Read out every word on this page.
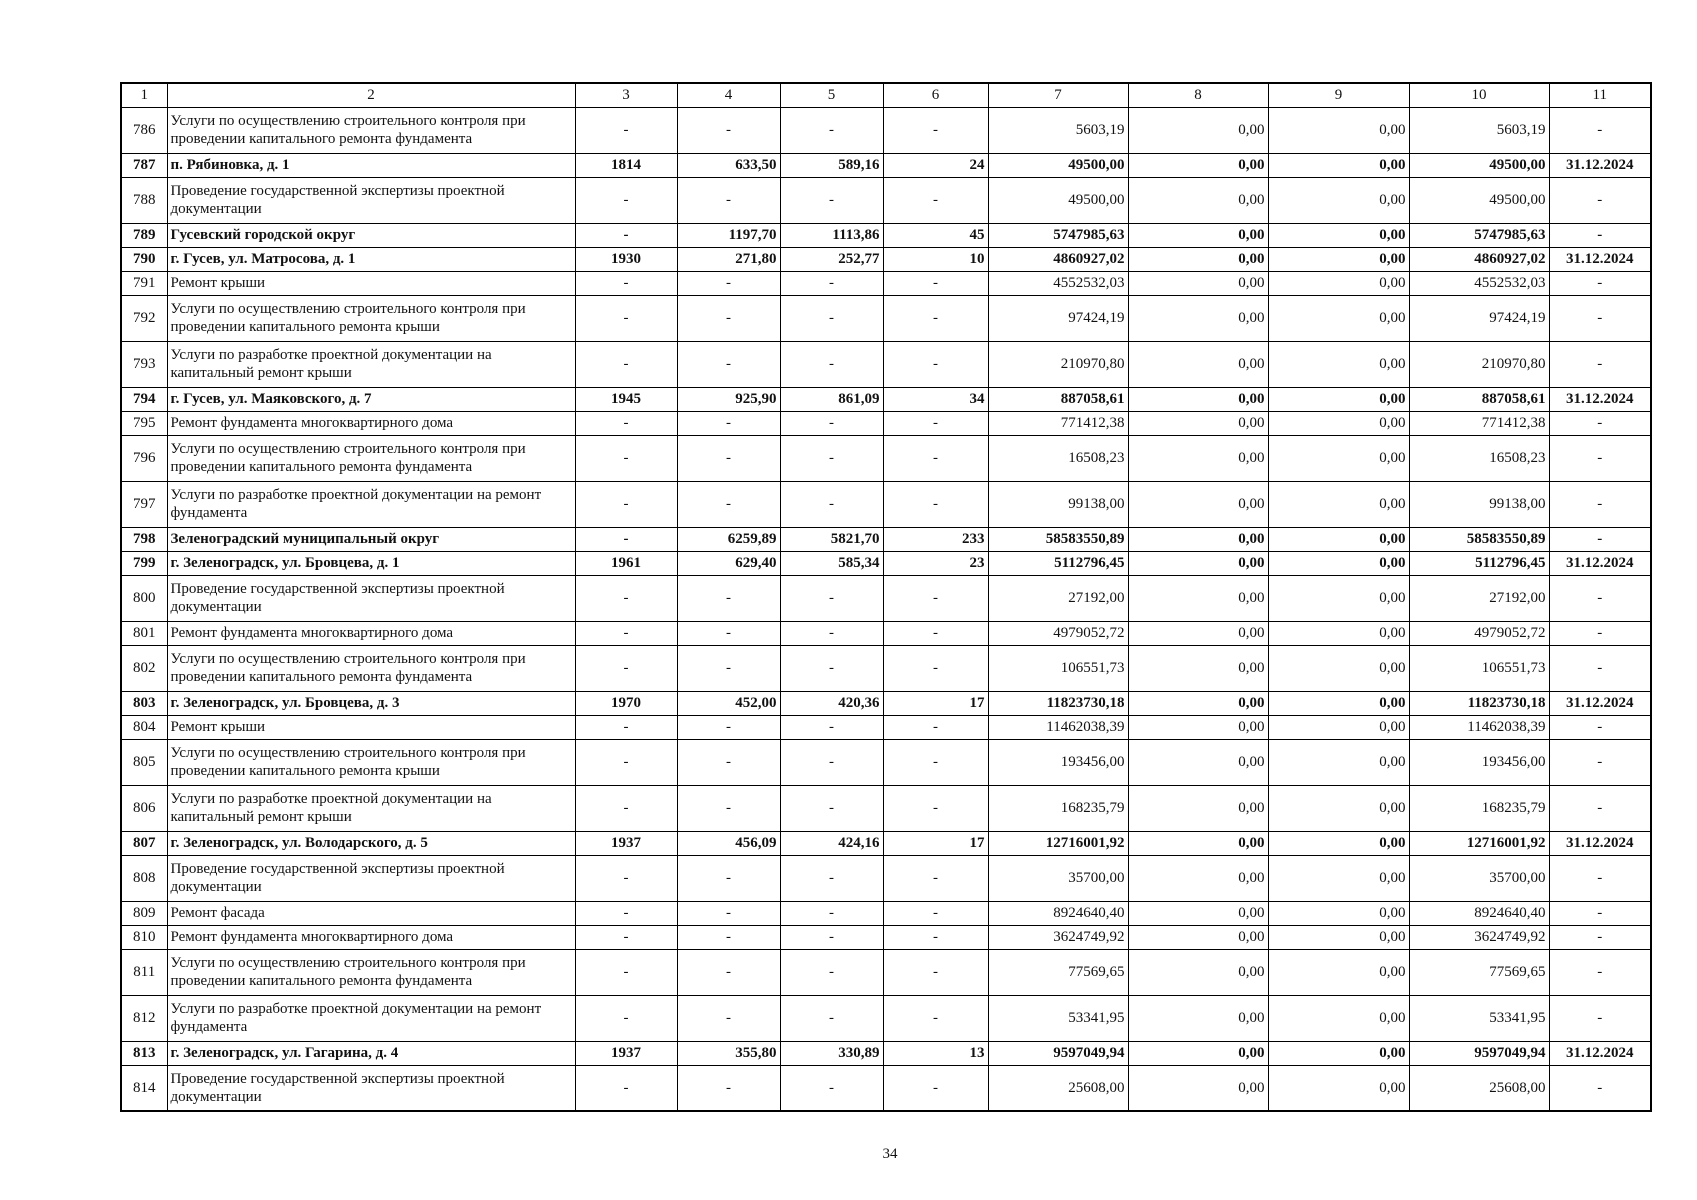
1	2	3	4	5	6	7	8	9	10	11
786	Услуги по осуществлению строительного контроля при
проведении капитального ремонта фундамента	-	-	-	-	5603,19	0,00	0,00	5603,19	-
787	п. Рябиновка, д. 1	1814	633,50	589,16	24	49500,00	0,00	0,00	49500,00	31.12.2024
788	Проведение государственной экспертизы проектной
документации	-	-	-	-	49500,00	0,00	0,00	49500,00	-
789	Гусевский городской округ	-	1197,70	1113,86	45	5747985,63	0,00	0,00	5747985,63	-
790	г. Гусев, ул. Матросова, д. 1	1930	271,80	252,77	10	4860927,02	0,00	0,00	4860927,02	31.12.2024
791	Ремонт крыши	-	-	-	-	4552532,03	0,00	0,00	4552532,03	-
792	Услуги по осуществлению строительного контроля при
проведении капитального ремонта крыши	-	-	-	-	97424,19	0,00	0,00	97424,19	-
793	Услуги по разработке проектной документации на
капитальный ремонт крыши	-	-	-	-	210970,80	0,00	0,00	210970,80	-
794	г. Гусев, ул. Маяковского, д. 7	1945	925,90	861,09	34	887058,61	0,00	0,00	887058,61	31.12.2024
795	Ремонт фундамента многоквартирного дома	-	-	-	-	771412,38	0,00	0,00	771412,38	-
796	Услуги по осуществлению строительного контроля при
проведении капитального ремонта фундамента	-	-	-	-	16508,23	0,00	0,00	16508,23	-
797	Услуги по разработке проектной документации на ремонт
фундамента	-	-	-	-	99138,00	0,00	0,00	99138,00	-
798	Зеленоградский муниципальный округ	-	6259,89	5821,70	233	58583550,89	0,00	0,00	58583550,89	-
799	г. Зеленоградск, ул. Бровцева, д. 1	1961	629,40	585,34	23	5112796,45	0,00	0,00	5112796,45	31.12.2024
800	Проведение государственной экспертизы проектной
документации	-	-	-	-	27192,00	0,00	0,00	27192,00	-
801	Ремонт фундамента многоквартирного дома	-	-	-	-	4979052,72	0,00	0,00	4979052,72	-
802	Услуги по осуществлению строительного контроля при
проведении капитального ремонта фундамента	-	-	-	-	106551,73	0,00	0,00	106551,73	-
803	г. Зеленоградск, ул. Бровцева, д. 3	1970	452,00	420,36	17	11823730,18	0,00	0,00	11823730,18	31.12.2024
804	Ремонт крыши	-	-	-	-	11462038,39	0,00	0,00	11462038,39	-
805	Услуги по осуществлению строительного контроля при
проведении капитального ремонта крыши	-	-	-	-	193456,00	0,00	0,00	193456,00	-
806	Услуги по разработке проектной документации на
капитальный ремонт крыши	-	-	-	-	168235,79	0,00	0,00	168235,79	-
807	г. Зеленоградск, ул. Володарского, д. 5	1937	456,09	424,16	17	12716001,92	0,00	0,00	12716001,92	31.12.2024
808	Проведение государственной экспертизы проектной
документации	-	-	-	-	35700,00	0,00	0,00	35700,00	-
809	Ремонт фасада	-	-	-	-	8924640,40	0,00	0,00	8924640,40	-
810	Ремонт фундамента многоквартирного дома	-	-	-	-	3624749,92	0,00	0,00	3624749,92	-
811	Услуги по осуществлению строительного контроля при
проведении капитального ремонта фундамента	-	-	-	-	77569,65	0,00	0,00	77569,65	-
812	Услуги по разработке проектной документации на ремонт
фундамента	-	-	-	-	53341,95	0,00	0,00	53341,95	-
813	г. Зеленоградск, ул. Гагарина, д. 4	1937	355,80	330,89	13	9597049,94	0,00	0,00	9597049,94	31.12.2024
814	Проведение государственной экспертизы проектной
документации	-	-	-	-	25608,00	0,00	0,00	25608,00	-
34
